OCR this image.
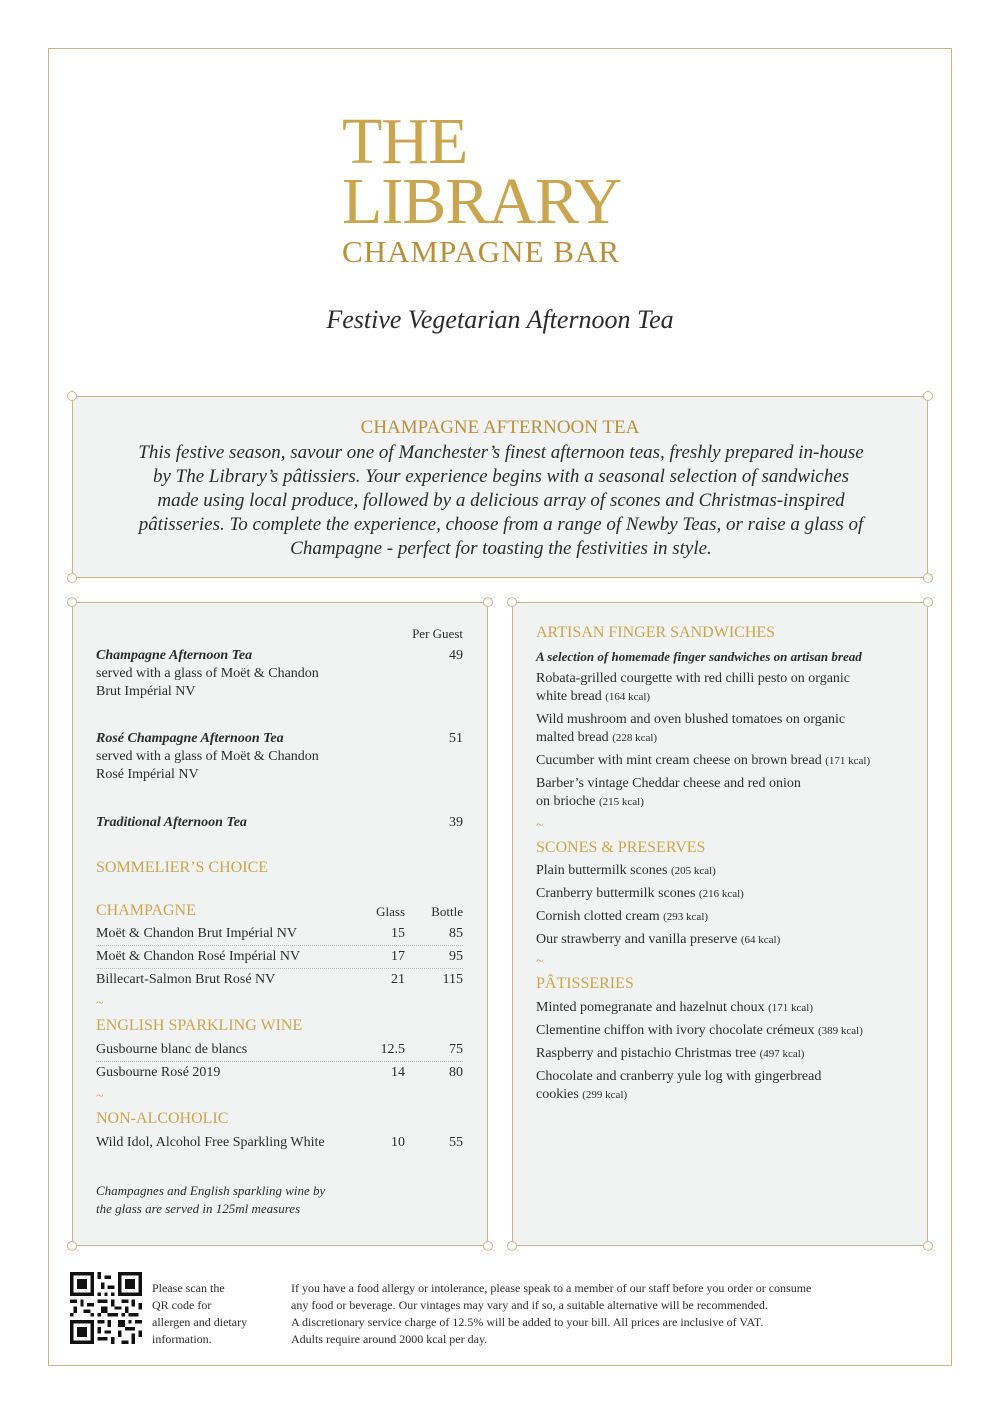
THE
LIBRARY
CHAMPAGNE BAR
Festive Vegetarian Afternoon Tea
CHAMPAGNE AFTERNOON TEA
This festive season, savour one of Manchester’s finest afternoon teas, freshly prepared in-house by The Library’s pâtissiers. Your experience begins with a seasonal selection of sandwiches made using local produce, followed by a delicious array of scones and Christmas-inspired pâtisseries. To complete the experience, choose from a range of Newby Teas, or raise a glass of Champagne - perfect for toasting the festivities in style.
Per Guest
Champagne Afternoon Tea	49
served with a glass of Moët & Chandon
Brut Impérial NV
Rosé Champagne Afternoon Tea	51
served with a glass of Moët & Chandon
Rosé Impérial NV
Traditional Afternoon Tea	39
SOMMELIER’S CHOICE
CHAMPAGNE	Glass	Bottle
Moët & Chandon Brut Impérial NV	15	85
Moët & Chandon Rosé Impérial NV	17	95
Billecart-Salmon Brut Rosé NV	21	115
~
ENGLISH SPARKLING WINE
Gusbourne blanc de blancs	12.5	75
Gusbourne Rosé 2019	14	80
~
NON-ALCOHOLIC
Wild Idol, Alcohol Free Sparkling White	10	55
Champagnes and English sparkling wine by
the glass are served in 125ml measures
ARTISAN FINGER SANDWICHES
A selection of homemade finger sandwiches on artisan bread
Robata-grilled courgette with red chilli pesto on organic
white bread (164 kcal)
Wild mushroom and oven blushed tomatoes on organic
malted bread (228 kcal)
Cucumber with mint cream cheese on brown bread (171 kcal)
Barber’s vintage Cheddar cheese and red onion
on brioche (215 kcal)
~
SCONES & PRESERVES
Plain buttermilk scones (205 kcal)
Cranberry buttermilk scones (216 kcal)
Cornish clotted cream (293 kcal)
Our strawberry and vanilla preserve (64 kcal)
~
PÂTISSERIES
Minted pomegranate and hazelnut choux (171 kcal)
Clementine chiffon with ivory chocolate crémeux (389 kcal)
Raspberry and pistachio Christmas tree (497 kcal)
Chocolate and cranberry yule log with gingerbread
cookies (299 kcal)
Please scan the
QR code for
allergen and dietary
information.
If you have a food allergy or intolerance, please speak to a member of our staff before you order or consume
any food or beverage. Our vintages may vary and if so, a suitable alternative will be recommended.
A discretionary service charge of 12.5% will be added to your bill. All prices are inclusive of VAT.
Adults require around 2000 kcal per day.
